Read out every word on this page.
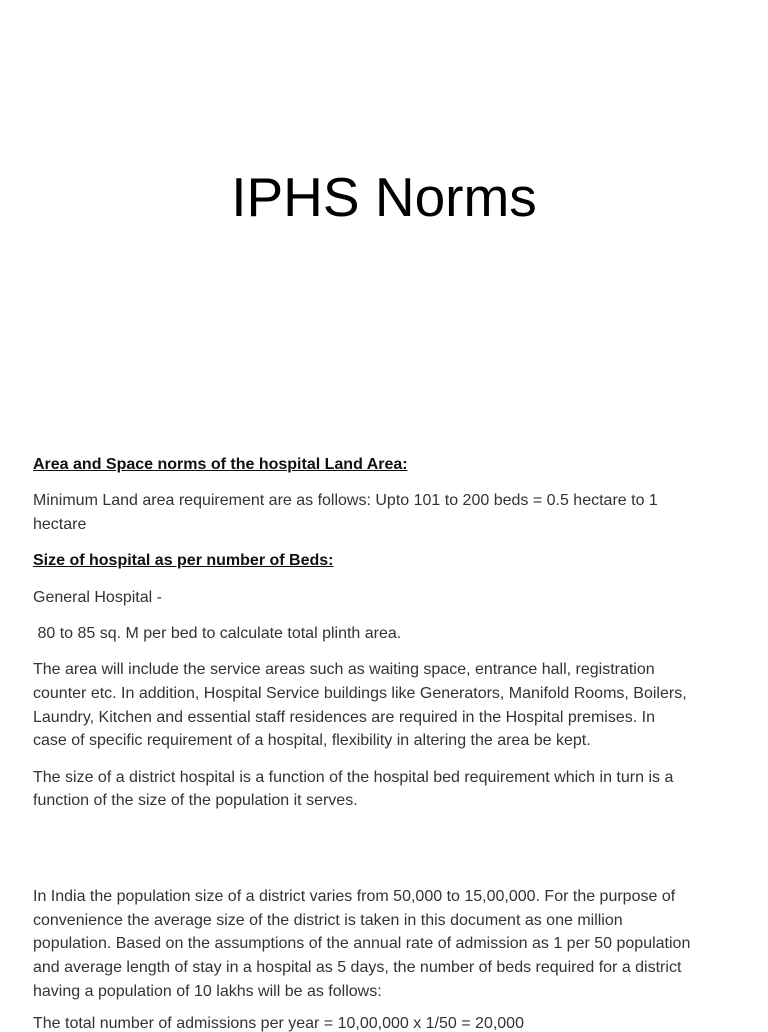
IPHS Norms
Area and Space norms of the hospital Land Area:

Minimum Land area requirement are as follows: Upto 101 to 200 beds = 0.5 hectare to 1
hectare

Size of hospital as per number of Beds:

General Hospital -

80 to 85 sq. M per bed to calculate total plinth area.

The area will include the service areas such as waiting space, entrance hall, registration
counter etc. In addition, Hospital Service buildings like Generators, Manifold Rooms, Boilers,
Laundry, Kitchen and essential staff residences are required in the Hospital premises. In
case of specific requirement of a hospital, flexibility in altering the area be kept.

The size of a district hospital is a function of the hospital bed requirement which in turn is a
function of the size of the population it serves.

In India the population size of a district varies from 50,000 to 15,00,000. For the purpose of
convenience the average size of the district is taken in this document as one million
population. Based on the assumptions of the annual rate of admission as 1 per 50 population
and average length of stay in a hospital as 5 days, the number of beds required for a district
having a population of 10 lakhs will be as follows:

The total number of admissions per year = 10,00,000 x 1/50 = 20,000
